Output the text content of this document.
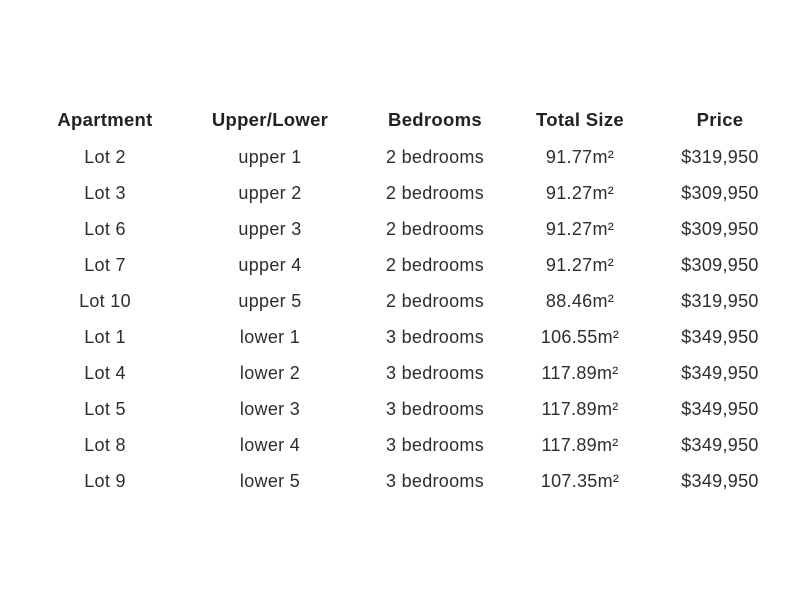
Apartment	Upper/Lower	Bedrooms	Total Size	Price
Lot 2	upper 1	2 bedrooms	91.77m²	$319,950
Lot 3	upper 2	2 bedrooms	91.27m²	$309,950
Lot 6	upper 3	2 bedrooms	91.27m²	$309,950
Lot 7	upper 4	2 bedrooms	91.27m²	$309,950
Lot 10	upper 5	2 bedrooms	88.46m²	$319,950
Lot 1	lower 1	3 bedrooms	106.55m²	$349,950
Lot 4	lower 2	3 bedrooms	117.89m²	$349,950
Lot 5	lower 3	3 bedrooms	117.89m²	$349,950
Lot 8	lower 4	3 bedrooms	117.89m²	$349,950
Lot 9	lower 5	3 bedrooms	107.35m²	$349,950
